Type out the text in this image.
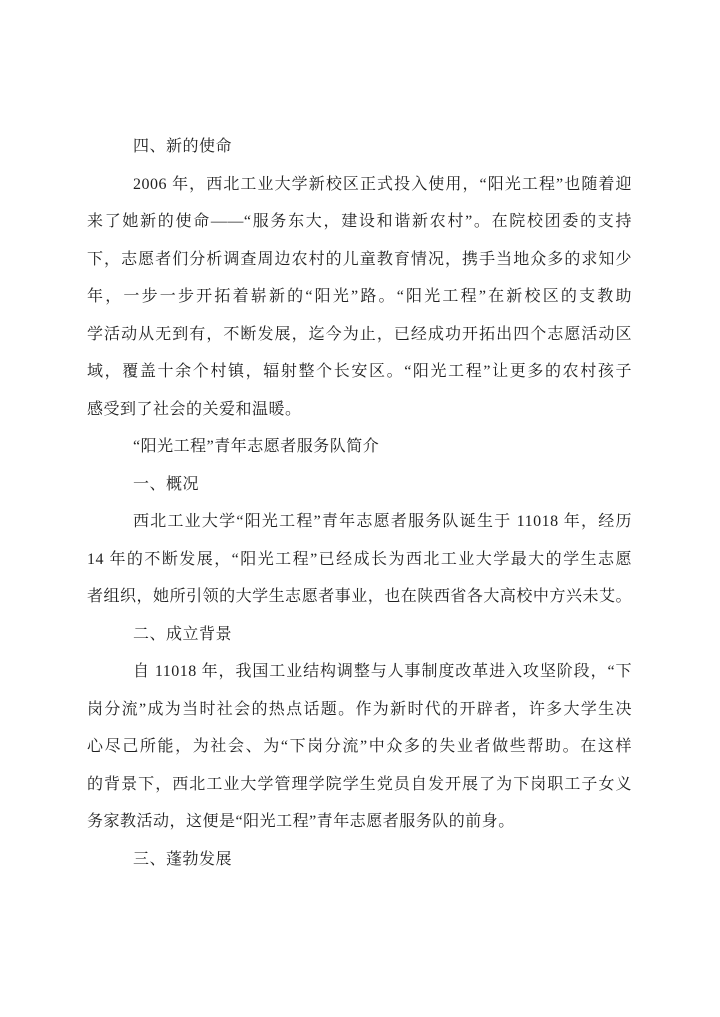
四、新的使命
2006 年，西北工业大学新校区正式投入使用，“阳光工程”也随着迎
来了她新的使命——“服务东大，建设和谐新农村”。在院校团委的支持
下，志愿者们分析调查周边农村的儿童教育情况，携手当地众多的求知少
年，一步一步开拓着崭新的“阳光”路。“阳光工程”在新校区的支教助
学活动从无到有，不断发展，迄今为止，已经成功开拓出四个志愿活动区
域，覆盖十余个村镇，辐射整个长安区。“阳光工程”让更多的农村孩子
感受到了社会的关爱和温暖。
“阳光工程”青年志愿者服务队简介
一、概况
西北工业大学“阳光工程”青年志愿者服务队诞生于 11018 年，经历
14 年的不断发展，“阳光工程”已经成长为西北工业大学最大的学生志愿
者组织，她所引领的大学生志愿者事业，也在陕西省各大高校中方兴未艾。
二、成立背景
自 11018 年，我国工业结构调整与人事制度改革进入攻坚阶段，“下
岗分流”成为当时社会的热点话题。作为新时代的开辟者，许多大学生决
心尽己所能，为社会、为“下岗分流”中众多的失业者做些帮助。在这样
的背景下，西北工业大学管理学院学生党员自发开展了为下岗职工子女义
务家教活动，这便是“阳光工程”青年志愿者服务队的前身。
三、蓬勃发展
